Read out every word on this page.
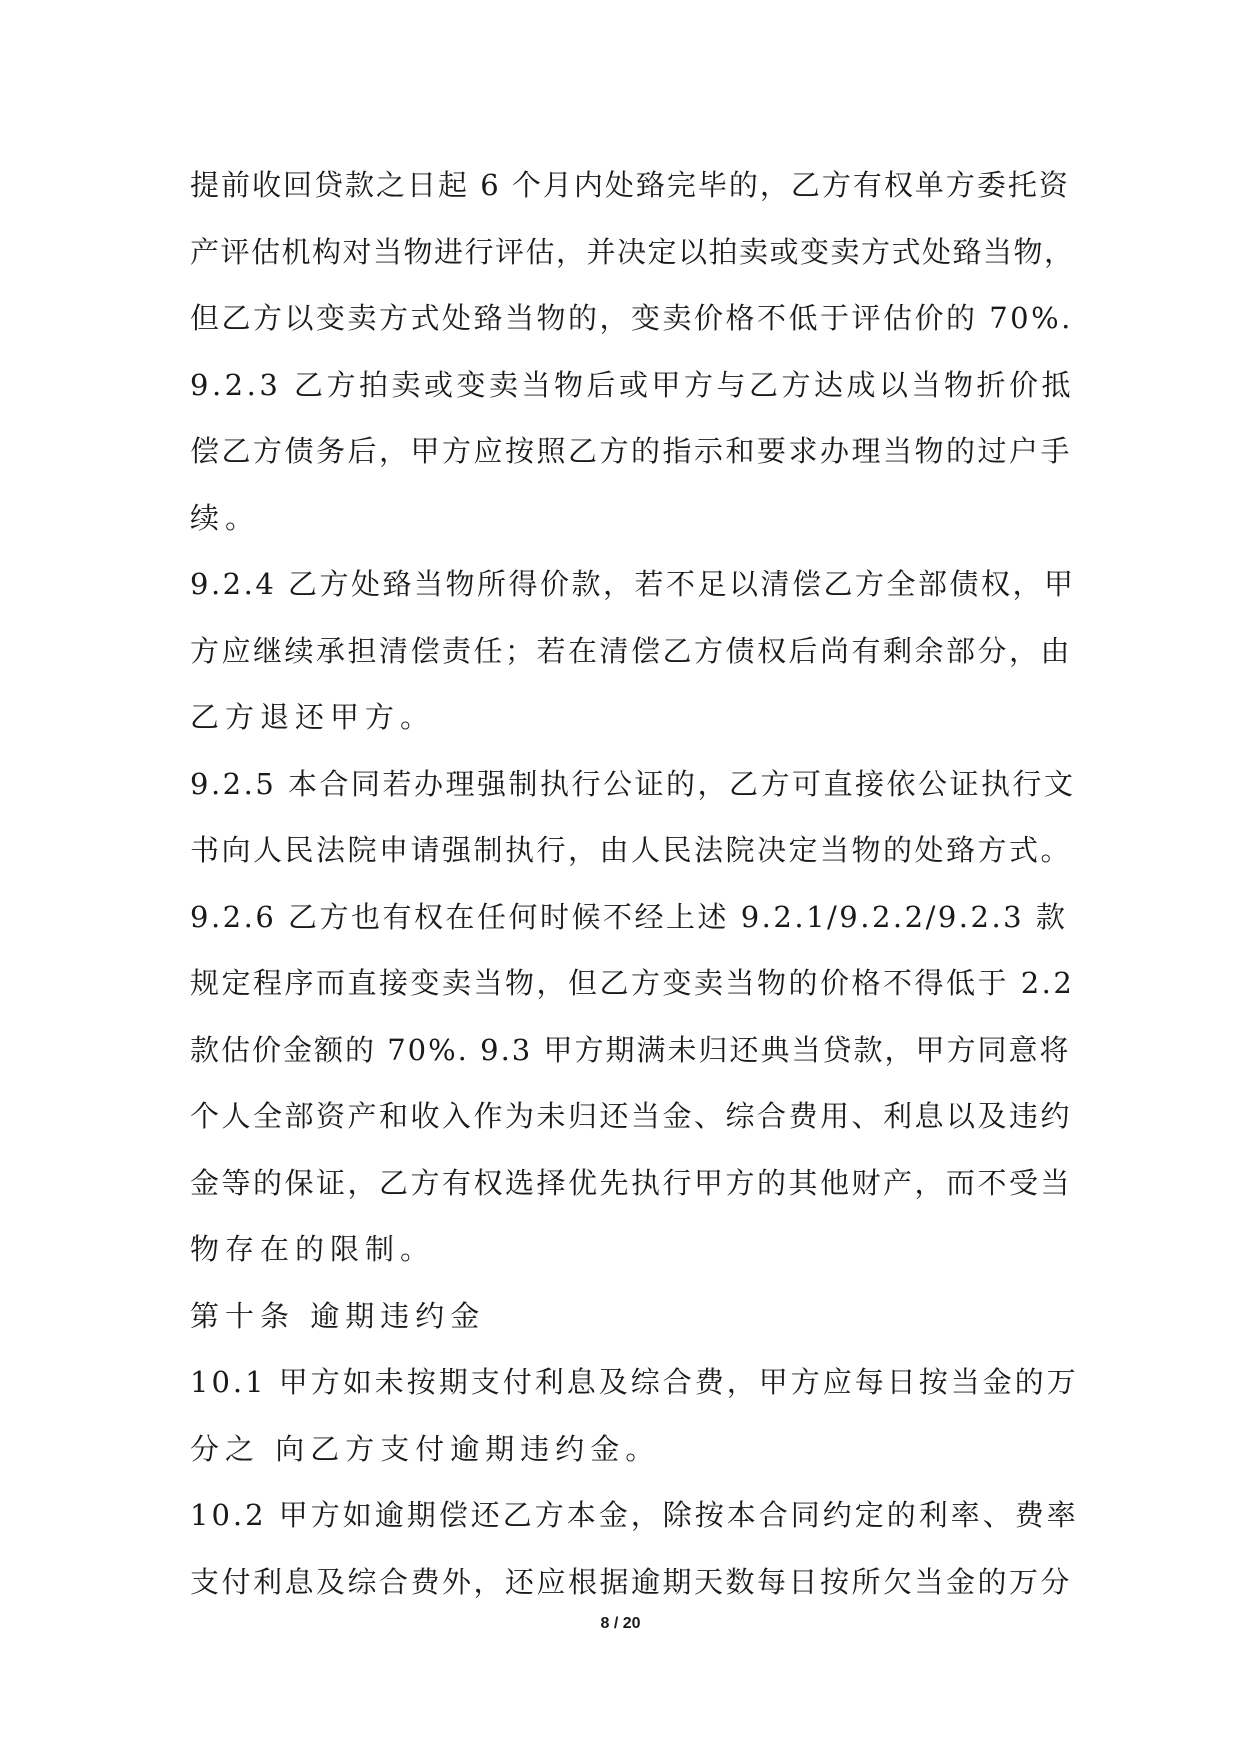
提前收回贷款之日起 6 个月内处臵完毕的，乙方有权单方委托资
产评估机构对当物进行评估，并决定以拍卖或变卖方式处臵当物，
但乙方以变卖方式处臵当物的，变卖价格不低于评估价的 70%.
9.2.3 乙方拍卖或变卖当物后或甲方与乙方达成以当物折价抵
偿乙方债务后，甲方应按照乙方的指示和要求办理当物的过户手
续。
9.2.4 乙方处臵当物所得价款，若不足以清偿乙方全部债权，甲
方应继续承担清偿责任；若在清偿乙方债权后尚有剩余部分，由
乙方退还甲方。
9.2.5 本合同若办理强制执行公证的，乙方可直接依公证执行文
书向人民法院申请强制执行，由人民法院决定当物的处臵方式。
9.2.6 乙方也有权在任何时候不经上述 9.2.1/9.2.2/9.2.3 款
规定程序而直接变卖当物，但乙方变卖当物的价格不得低于 2.2
款估价金额的 70%. 9.3 甲方期满未归还典当贷款，甲方同意将
个人全部资产和收入作为未归还当金、综合费用、利息以及违约
金等的保证，乙方有权选择优先执行甲方的其他财产，而不受当
物存在的限制。
第十条 逾期违约金
10.1 甲方如未按期支付利息及综合费，甲方应每日按当金的万
分之 向乙方支付逾期违约金。
10.2 甲方如逾期偿还乙方本金，除按本合同约定的利率、费率
支付利息及综合费外，还应根据逾期天数每日按所欠当金的万分
8 / 20
